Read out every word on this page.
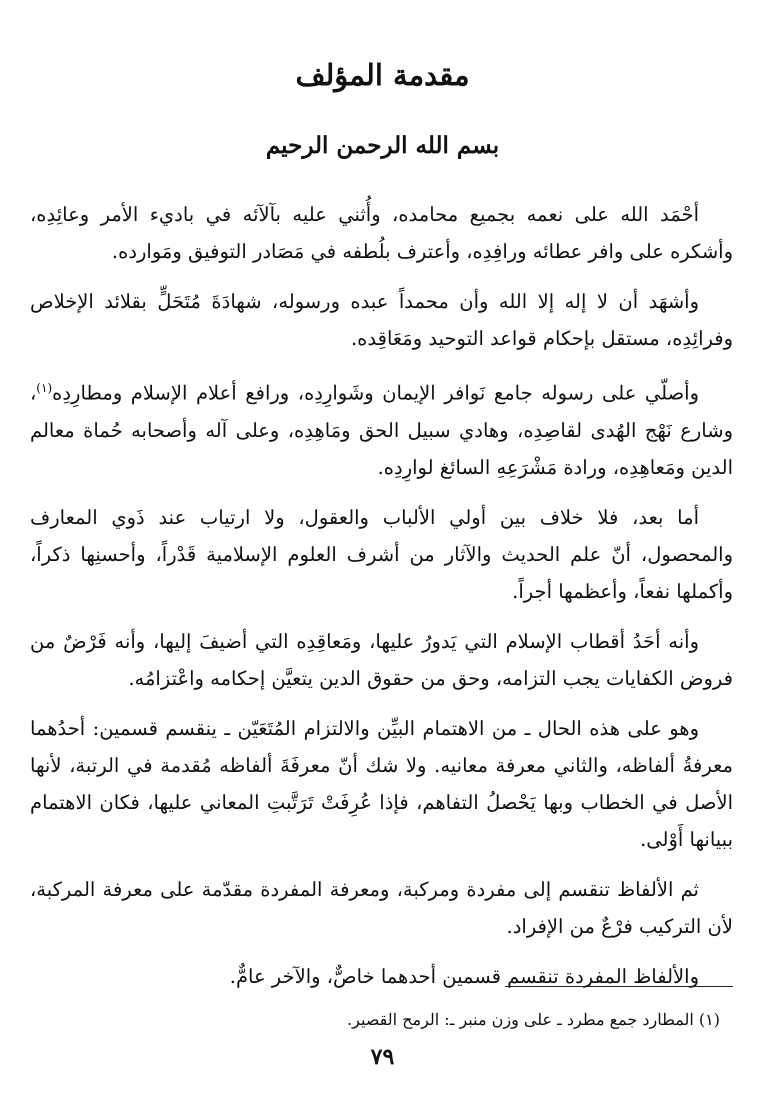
مقدمة المؤلف
بسم الله الرحمن الرحيم

أحْمَد الله على نعمه بجميع محامده، وأُثني عليه بآلآئه في باديء الأمر وعائِدِه، وأشكره على وافر عطائه ورافِدِه، وأعترف بلُطفه في مَصَادر التوفيق ومَوارده.

وأشهَد أن لا إله إلا الله وأن محمداً عبده ورسوله، شهادَةَ مُتَحَلٍّ بقلائد الإخلاص وفرائِدِه، مستقل بإحكام قواعد التوحيد ومَعَاقِده.

وأصلّي على رسوله جامع نَوافر الإيمان وشَوارِدِه، ورافع أعلام الإسلام ومطارِدِه$^{(١)}$، وشارع نَهْج الهُدى لقاصِدِه، وهادي سبيل الحق ومَاهِدِه، وعلى آله وأصحابه حُماة معالم الدين ومَعاهِدِه، ورادة مَشْرَعِهِ السائغ لوارِدِه.

أما بعد، فلا خلاف بين أولي الألباب والعقول، ولا ارتياب عند ذَوي المعارف والمحصول، أنّ علم الحديث والآثار من أشرف العلوم الإسلامية قَدْراً، وأحسنِها ذكراً، وأكملها نفعاً، وأعظمها أجراً.

وأنه أحَدُ أقطاب الإسلام التي يَدورُ عليها، ومَعاقِدِه التي أضيفَ إليها، وأنه فَرْضٌ من فروض الكفايات يجب التزامه، وحق من حقوق الدين يتعيَّن إحكامه واعْتزامُه.

وهو على هذه الحال ـ من الاهتمام البيِّن والالتزام المُتَعَيّن ـ ينقسم قسمين: أحدُهما معرفةُ ألفاظه، والثاني معرفة معانيه. ولا شك أنّ معرفَةَ ألفاظه مُقدمة في الرتبة، لأنها الأصل في الخطاب وبها يَحْصلُ التفاهم، فإذا عُرِفَتْ تَرَتَّبتِ المعاني عليها، فكان الاهتمام ببيانها أَوْلى.

ثم الألفاظ تنقسم إلى مفردة ومركبة، ومعرفة المفردة مقدّمة على معرفة المركبة، لأن التركيب فرْعٌ من الإفراد.

والألفاظ المفردة تنقسم قسمين أحدهما خاصٌّ، والآخر عامٌّ.

(١) المطارد جمع مطرد ـ على وزن منبر ـ: الرمح القصير.

٧٩
